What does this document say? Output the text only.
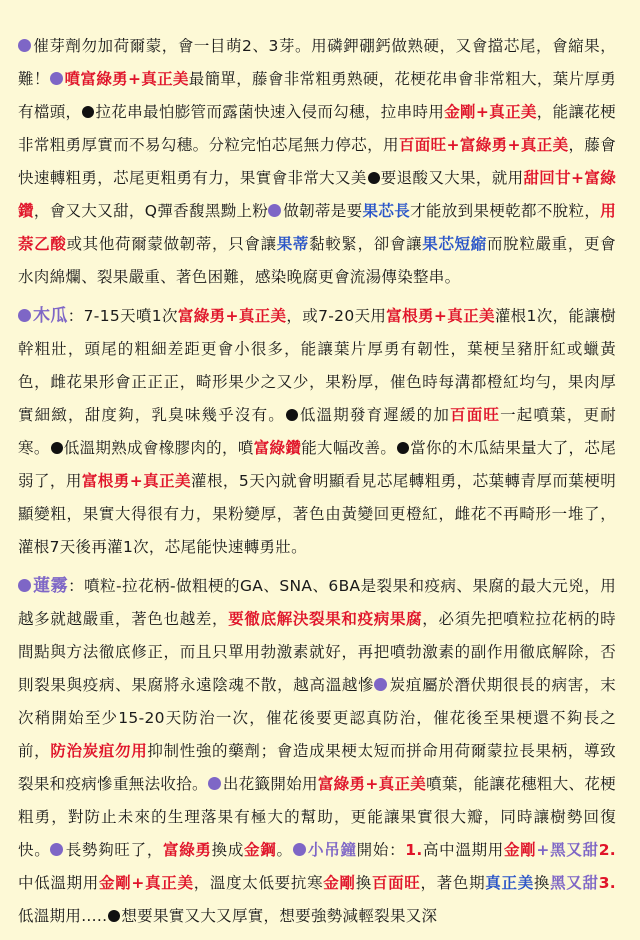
催芽劑勿加荷爾蒙，會一目萌2、3芽。用磷鉀硼鈣做熟硬，又會擋芯尾，會縮果，難！ 噴富綠勇+真正美最簡單，藤會非常粗勇熟硬，花梗花串會非常粗大，葉片厚勇有檔頭， 拉花串最怕膨管而露菌快速入侵而勾穗，拉串時用金剛+真正美，能讓花梗非常粗勇厚實而不易勾穗。分粒完怕芯尾無力停芯，用百面旺+富綠勇+真正美，藤會快速轉粗勇，芯尾更粗勇有力，果實會非常大又美 要退酸又大果，就用甜回甘+富綠鑽，會又大又甜，Q彈香馥黑黝上粉 做韌蒂是要果芯長才能放到果梗乾都不脫粒，用萘乙酸或其他荷爾蒙做韌蒂，只會讓果蒂黏較緊，卻會讓果芯短縮而脫粒嚴重，更會水肉綿爛、裂果嚴重、著色困難，感染晚腐更會流湯傳染整串。

木瓜：7-15天噴1次富綠勇+真正美，或7-20天用富根勇+真正美灌根1次，能讓樹幹粗壯，頭尾的粗細差距更會小很多，能讓葉片厚勇有韌性，葉梗呈豬肝紅或蠟黃色，雌花果形會正正正，畸形果少之又少，果粉厚，催色時每溝都橙紅均勻，果肉厚實細緻，甜度夠，乳臭味幾乎沒有。 低溫期發育遲緩的加百面旺一起噴葉，更耐寒。 低溫期熟成會橡膠肉的，噴富綠鑽能大幅改善。 當你的木瓜結果量大了，芯尾弱了，用富根勇+真正美灌根，5天內就會明顯看見芯尾轉粗勇，芯葉轉青厚而葉梗明顯變粗，果實大得很有力，果粉變厚，著色由黃變回更橙紅，雌花不再畸形一堆了，灌根7天後再灌1次，芯尾能快速轉勇壯。

蓮霧：噴粒-拉花柄-做粗梗的GA、SNA、6BA是裂果和疫病、果腐的最大元兇，用越多就越嚴重，著色也越差，要徹底解決裂果和疫病果腐，必須先把噴粒拉花柄的時間點與方法徹底修正，而且只單用勃激素就好，再把噴勃激素的副作用徹底解除，否則裂果與疫病、果腐將永遠陰魂不散，越高溫越慘 炭疽屬於潛伏期很長的病害，末次稍開始至少15-20天防治一次，催花後要更認真防治，催花後至果梗還不夠長之前，防治炭疽勿用抑制性強的藥劑；會造成果梗太短而拼命用荷爾蒙拉長果柄，導致裂果和疫病慘重無法收拾。 出花籤開始用富綠勇+真正美噴葉，能讓花穗粗大、花梗粗勇，對防止未來的生理落果有極大的幫助，更能讓果實很大瓣，同時讓樹勢回復快。 長勢夠旺了，富綠勇換成金鋼。 小吊鐘開始：1.高中溫期用金剛+黑又甜2.中低溫期用金剛+真正美，溫度太低要抗寒金剛換百面旺，著色期真正美換黑又甜3.低溫期用..... 想要果實又大又厚實，想要強勢減輕裂果又深
